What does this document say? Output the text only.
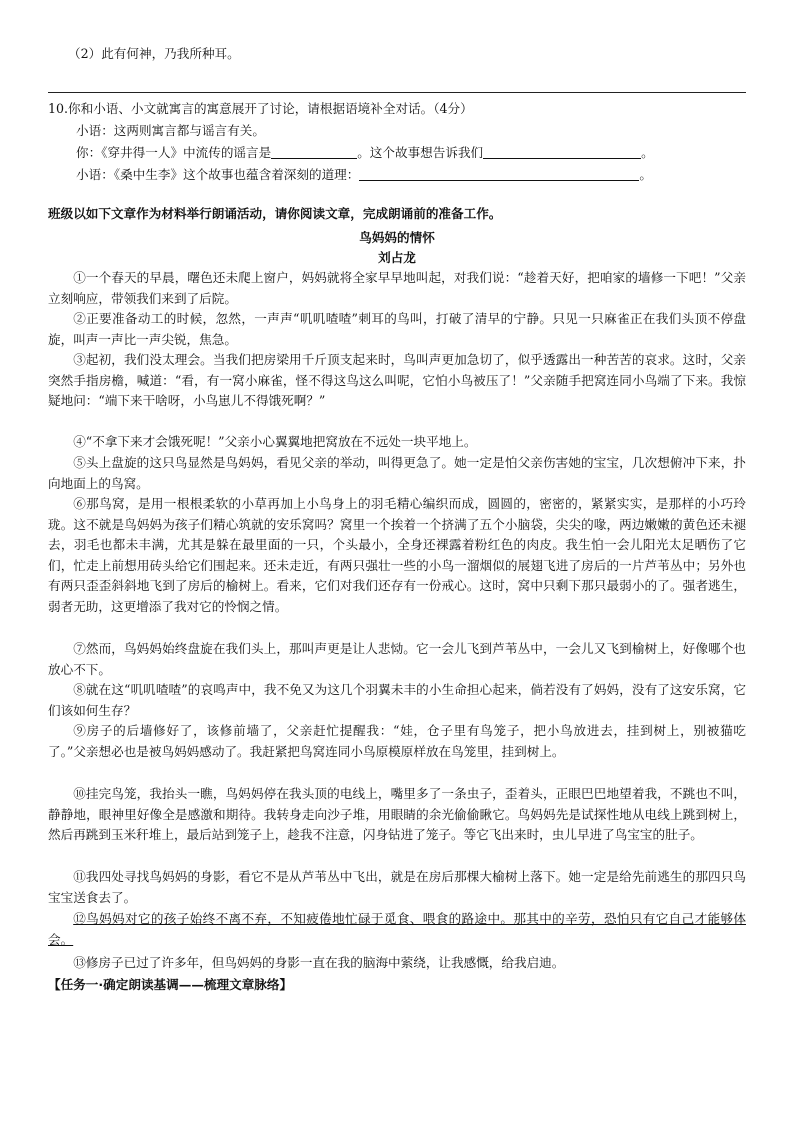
（2）此有何神，乃我所种耳。
10.你和小语、小文就寓言的寓意展开了讨论，请根据语境补全对话。（4分）
小语：这两则寓言都与谣言有关。
你：《穿井得一人》中流传的谣言是	。这个故事想告诉我们	。
小语：《桑中生李》这个故事也蕴含着深刻的道理：	。
班级以如下文章作为材料举行朗诵活动，请你阅读文章，完成朗诵前的准备工作。
鸟妈妈的情怀
刘占龙
①一个春天的早晨，曙色还未爬上窗户，妈妈就将全家早早地叫起，对我们说：“趁着天好，把咱家的墙修一下吧！”父亲立刻响应，带领我们来到了后院。
②正要准备动工的时候，忽然，一声声“叽叽喳喳”刺耳的鸟叫，打破了清早的宁静。只见一只麻雀正在我们头顶不停盘旋，叫声一声比一声尖锐，焦急。
③起初，我们没太理会。当我们把房梁用千斤顶支起来时，鸟叫声更加急切了，似乎透露出一种苦苦的哀求。这时，父亲突然手指房檐，喊道：“看，有一窝小麻雀，怪不得这鸟这么叫呢，它怕小鸟被压了！”父亲随手把窝连同小鸟端了下来。我惊疑地问：“端下来干啥呀，小鸟崽儿不得饿死啊？”
④“不拿下来才会饿死呢！”父亲小心翼翼地把窝放在不远处一块平地上。
⑤头上盘旋的这只鸟显然是鸟妈妈，看见父亲的举动，叫得更急了。她一定是怕父亲伤害她的宝宝，几次想俯冲下来，扑向地面上的鸟窝。
⑥那鸟窝，是用一根根柔软的小草再加上小鸟身上的羽毛精心编织而成，圆圆的，密密的，紧紧实实，是那样的小巧玲珑。这不就是鸟妈妈为孩子们精心筑就的安乐窝吗？窝里一个挨着一个挤满了五个小脑袋，尖尖的喙，两边嫩嫩的黄色还未褪去，羽毛也都未丰满，尤其是躲在最里面的一只，个头最小，全身还裸露着粉红色的肉皮。我生怕一会儿阳光太足晒伤了它们，忙走上前想用砖头给它们围起来。还未走近，有两只强壮一些的小鸟一溜烟似的展翅飞进了房后的一片芦苇丛中；另外也有两只歪歪斜斜地飞到了房后的榆树上。看来，它们对我们还存有一份戒心。这时，窝中只剩下那只最弱小的了。强者逃生，弱者无助，这更增添了我对它的怜悯之情。
⑦然而，鸟妈妈始终盘旋在我们头上，那叫声更是让人悲恸。它一会儿飞到芦苇丛中，一会儿又飞到榆树上，好像哪个也放心不下。
⑧就在这“叽叽喳喳”的哀鸣声中，我不免又为这几个羽翼未丰的小生命担心起来，倘若没有了妈妈，没有了这安乐窝，它们该如何生存？
⑨房子的后墙修好了，该修前墙了，父亲赶忙提醒我：“娃，仓子里有鸟笼子，把小鸟放进去，挂到树上，别被猫吃了。”父亲想必也是被鸟妈妈感动了。我赶紧把鸟窝连同小鸟原模原样放在鸟笼里，挂到树上。
⑩挂完鸟笼，我抬头一瞧，鸟妈妈停在我头顶的电线上，嘴里多了一条虫子，歪着头，正眼巴巴地望着我，不跳也不叫，静静地，眼神里好像全是感激和期待。我转身走向沙子堆，用眼睛的余光偷偷瞅它。鸟妈妈先是试探性地从电线上跳到树上，然后再跳到玉米秆堆上，最后站到笼子上，趁我不注意，闪身钻进了笼子。等它飞出来时，虫儿早进了鸟宝宝的肚子。
⑪我四处寻找鸟妈妈的身影，看它不是从芦苇丛中飞出，就是在房后那棵大榆树上落下。她一定是给先前逃生的那四只鸟宝宝送食去了。
⑫鸟妈妈对它的孩子始终不离不弃，不知疲倦地忙碌于觅食、喂食的路途中。那其中的辛劳，恐怕只有它自己才能够体会。
⑬修房子已过了许多年，但鸟妈妈的身影一直在我的脑海中萦绕，让我感慨，给我启迪。
【任务一·确定朗读基调——梳理文章脉络】
